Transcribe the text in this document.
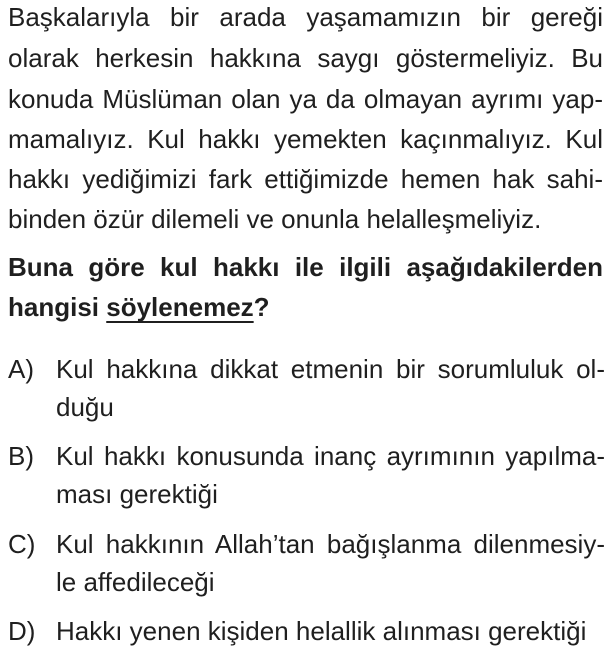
Başkalarıyla bir arada yaşamamızın bir gereği
olarak herkesin hakkına saygı göstermeliyiz. Bu
konuda Müslüman olan ya da olmayan ayrımı yap-
mamalıyız. Kul hakkı yemekten kaçınmalıyız. Kul
hakkı yediğimizi fark ettiğimizde hemen hak sahi-
binden özür dilemeli ve onunla helalleşmeliyiz.
Buna göre kul hakkı ile ilgili aşağıdakilerden
hangisi söylenemez?
A) Kul hakkına dikkat etmenin bir sorumluluk ol-
duğu
B) Kul hakkı konusunda inanç ayrımının yapılma-
ması gerektiği
C) Kul hakkının Allah’tan bağışlanma dilenmesiy-
le affedileceği
D) Hakkı yenen kişiden helallik alınması gerektiği
